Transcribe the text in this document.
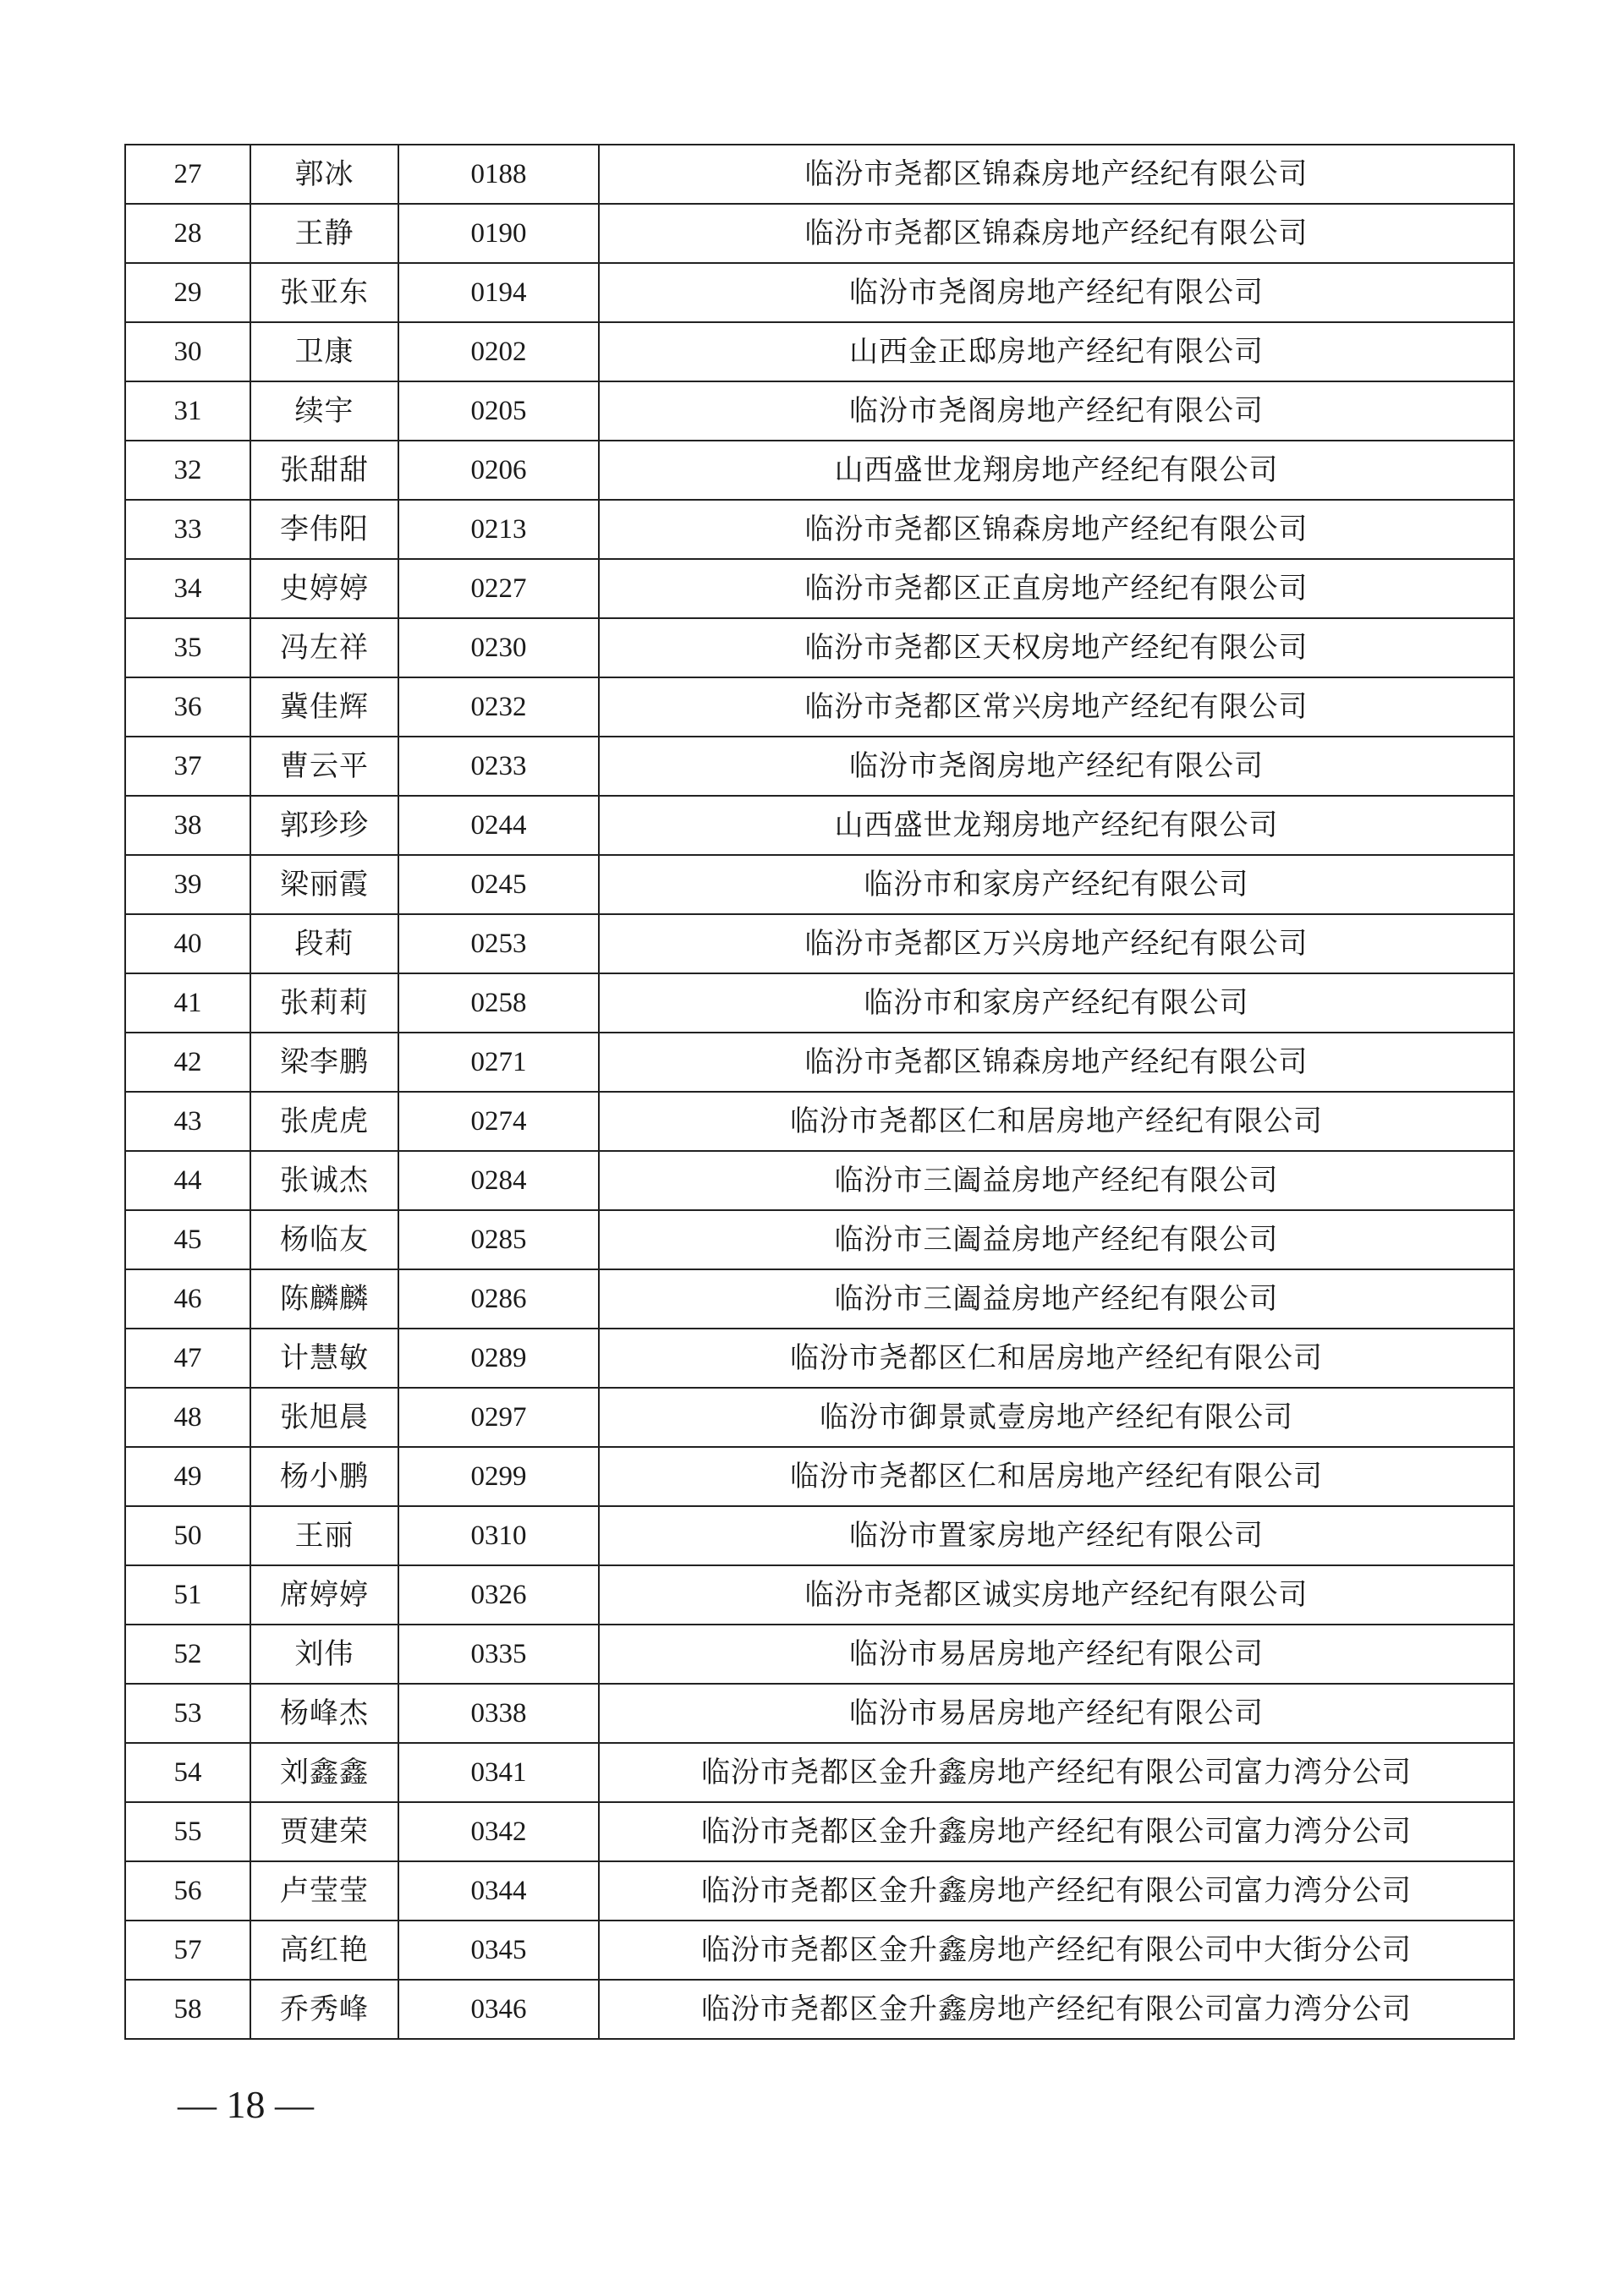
27	郭冰	0188	临汾市尧都区锦森房地产经纪有限公司
28	王静	0190	临汾市尧都区锦森房地产经纪有限公司
29	张亚东	0194	临汾市尧阁房地产经纪有限公司
30	卫康	0202	山西金正邸房地产经纪有限公司
31	续宇	0205	临汾市尧阁房地产经纪有限公司
32	张甜甜	0206	山西盛世龙翔房地产经纪有限公司
33	李伟阳	0213	临汾市尧都区锦森房地产经纪有限公司
34	史婷婷	0227	临汾市尧都区正直房地产经纪有限公司
35	冯左祥	0230	临汾市尧都区天权房地产经纪有限公司
36	冀佳辉	0232	临汾市尧都区常兴房地产经纪有限公司
37	曹云平	0233	临汾市尧阁房地产经纪有限公司
38	郭珍珍	0244	山西盛世龙翔房地产经纪有限公司
39	梁丽霞	0245	临汾市和家房产经纪有限公司
40	段莉	0253	临汾市尧都区万兴房地产经纪有限公司
41	张莉莉	0258	临汾市和家房产经纪有限公司
42	梁李鹏	0271	临汾市尧都区锦森房地产经纪有限公司
43	张虎虎	0274	临汾市尧都区仁和居房地产经纪有限公司
44	张诚杰	0284	临汾市三阖益房地产经纪有限公司
45	杨临友	0285	临汾市三阖益房地产经纪有限公司
46	陈麟麟	0286	临汾市三阖益房地产经纪有限公司
47	计慧敏	0289	临汾市尧都区仁和居房地产经纪有限公司
48	张旭晨	0297	临汾市御景贰壹房地产经纪有限公司
49	杨小鹏	0299	临汾市尧都区仁和居房地产经纪有限公司
50	王丽	0310	临汾市置家房地产经纪有限公司
51	席婷婷	0326	临汾市尧都区诚实房地产经纪有限公司
52	刘伟	0335	临汾市易居房地产经纪有限公司
53	杨峰杰	0338	临汾市易居房地产经纪有限公司
54	刘鑫鑫	0341	临汾市尧都区金升鑫房地产经纪有限公司富力湾分公司
55	贾建荣	0342	临汾市尧都区金升鑫房地产经纪有限公司富力湾分公司
56	卢莹莹	0344	临汾市尧都区金升鑫房地产经纪有限公司富力湾分公司
57	高红艳	0345	临汾市尧都区金升鑫房地产经纪有限公司中大街分公司
58	乔秀峰	0346	临汾市尧都区金升鑫房地产经纪有限公司富力湾分公司
— 18 —
